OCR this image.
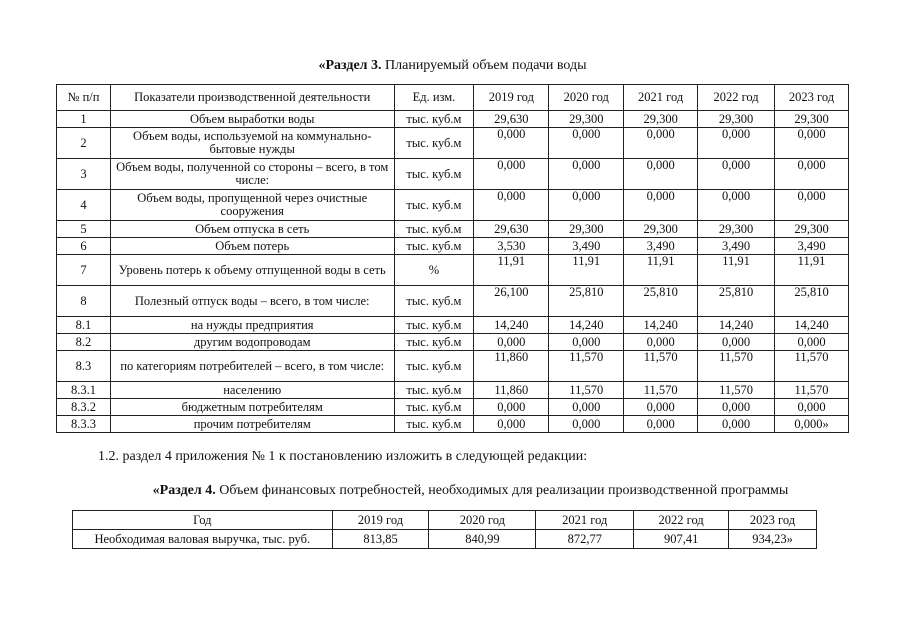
«Раздел 3. Планируемый объем подачи воды
№ п/п	Показатели производственной деятельности	Ед. изм.	2019 год	2020 год	2021 год	2022 год	2023 год
1	Объем выработки воды	тыс. куб.м	29,630	29,300	29,300	29,300	29,300
2	Объем воды, используемой на коммунально-бытовые нужды	тыс. куб.м	0,000	0,000	0,000	0,000	0,000
3	Объем воды, полученной со стороны – всего, в том числе:	тыс. куб.м	0,000	0,000	0,000	0,000	0,000
4	Объем воды, пропущенной через очистные сооружения	тыс. куб.м	0,000	0,000	0,000	0,000	0,000
5	Объем отпуска в сеть	тыс. куб.м	29,630	29,300	29,300	29,300	29,300
6	Объем потерь	тыс. куб.м	3,530	3,490	3,490	3,490	3,490
7	Уровень потерь к объему отпущенной воды в сеть	%	11,91	11,91	11,91	11,91	11,91
8	Полезный отпуск воды – всего, в том числе:	тыс. куб.м	26,100	25,810	25,810	25,810	25,810
8.1	на нужды предприятия	тыс. куб.м	14,240	14,240	14,240	14,240	14,240
8.2	другим водопроводам	тыс. куб.м	0,000	0,000	0,000	0,000	0,000
8.3	по категориям потребителей – всего, в том числе:	тыс. куб.м	11,860	11,570	11,570	11,570	11,570
8.3.1	населению	тыс. куб.м	11,860	11,570	11,570	11,570	11,570
8.3.2	бюджетным потребителям	тыс. куб.м	0,000	0,000	0,000	0,000	0,000
8.3.3	прочим потребителям	тыс. куб.м	0,000	0,000	0,000	0,000	0,000»
1.2. раздел 4 приложения № 1 к постановлению изложить в следующей редакции:
«Раздел 4. Объем финансовых потребностей, необходимых для реализации производственной программы
Год	2019 год	2020 год	2021 год	2022 год	2023 год
Необходимая валовая выручка, тыс. руб.	813,85	840,99	872,77	907,41	934,23»
